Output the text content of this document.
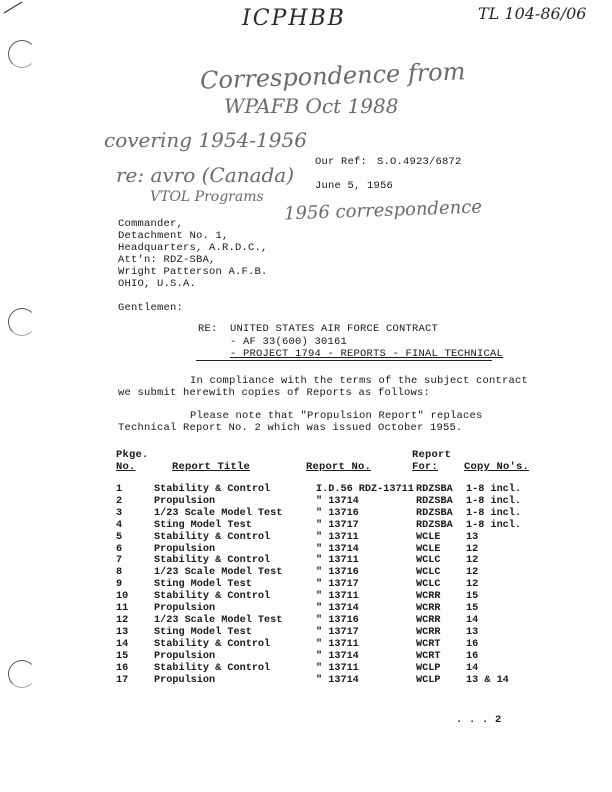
ICPHBB	TL 104-86/06
Correspondence from
WPAFB Oct 1988
covering 1954-1956
re: avro (Canada)
VTOL Programs 1956 correspondence
Our Ref: S.O.4923/6872
June 5, 1956
Commander,
Detachment No. 1,
Headquarters, A.R.D.C.,
Att'n: RDZ-SBA,
Wright Patterson A.F.B.
OHIO, U.S.A.
Gentlemen:
RE: UNITED STATES AIR FORCE CONTRACT
- AF 33(600) 30161
- PROJECT 1794 - REPORTS - FINAL TECHNICAL
In compliance with the terms of the subject contract
we submit herewith copies of Reports as follows:
Please note that "Propulsion Report" replaces
Technical Report No. 2 which was issued October 1955.
Pkge.
No.	Report Title	Report No.
Report
For: Copy No's.
1	Stability & Control	I.D.56 RDZ-13711	RDZSBA	1-8 incl.
2	Propulsion	" 13714	RDZSBA	1-8 incl.
3	1/23 Scale Model Test	" 13716	RDZSBA	1-8 incl.
4	Sting Model Test	" 13717	RDZSBA	1-8 incl.
5	Stability & Control	" 13711	WCLE	13
6	Propulsion	" 13714	WCLE	12
7	Stability & Control	" 13711	WCLC	12
8	1/23 Scale Model Test	" 13716	WCLC	12
9	Sting Model Test	" 13717	WCLC	12
10	Stability & Control	" 13711	WCRR	15
11	Propulsion	" 13714	WCRR	15
12	1/23 Scale Model Test	" 13716	WCRR	14
13	Sting Model Test	" 13717	WCRR	13
14	Stability & Control	" 13711	WCRT	16
15	Propulsion	" 13714	WCRT	16
16	Stability & Control	" 13711	WCLP	14
17	Propulsion	" 13714	WCLP	13 & 14
. . . 2
